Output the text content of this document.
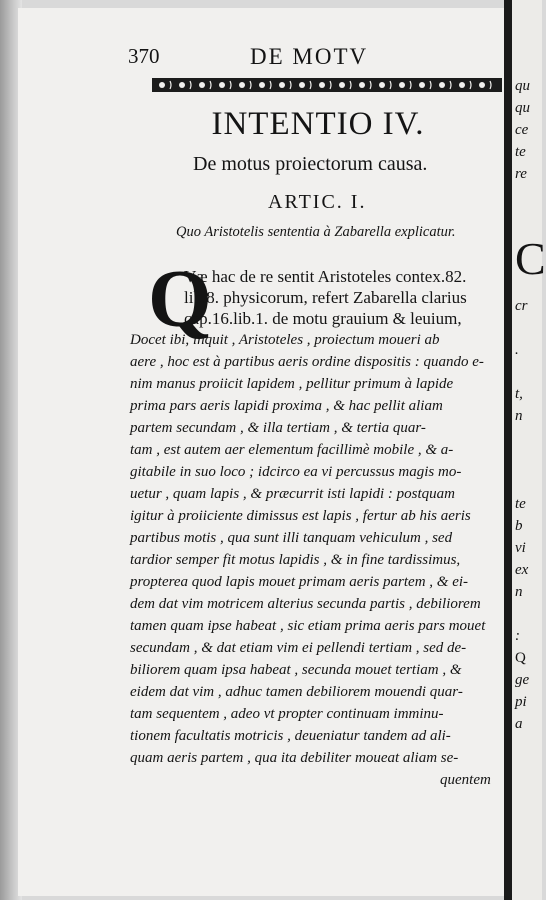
370	DE MOTV
INTENTIO IV.
De motus proiectorum causa.
ARTIC. I.
Quo Aristotelis sententia à Zabarella explicatur.
Q
Væ hac de re sentit Aristoteles contex.82.
lib.8. physicorum, refert Zabarella clarius
cap.16.lib.1. de motu grauium & leuium,
Docet ibi, inquit , Aristoteles , proiectum moueri ab
aere , hoc est à partibus aeris ordine dispositis : quando e-
nim manus proiicit lapidem , pellitur primum à lapide
prima pars aeris lapidi proxima , & hac pellit aliam
partem secundam , & illa tertiam , & tertia quar-
tam , est autem aer elementum facillimè mobile , & a-
gitabile in suo loco ; idcirco ea vi percussus magis mo-
uetur , quam lapis , & præcurrit isti lapidi : postquam
igitur à proiiciente dimissus est lapis , fertur ab his aeris
partibus motis , qua sunt illi tanquam vehiculum , sed
tardior semper fit motus lapidis , & in fine tardissimus,
propterea quod lapis mouet primam aeris partem , & ei-
dem dat vim motricem alterius secunda partis , debiliorem
tamen quam ipse habeat , sic etiam prima aeris pars mouet
secundam , & dat etiam vim ei pellendi tertiam , sed de-
biliorem quam ipsa habeat , secunda mouet tertiam , &
eidem dat vim , adhuc tamen debiliorem mouendi quar-
tam sequentem , adeo vt propter continuam imminu-
tionem facultatis motricis , deueniatur tandem ad ali-
quam aeris partem , qua ita debiliter moueat aliam se-
quentem
qu
qu
ce
te
re
C
cr
.
t,
n
te
b
vi
ex
n
:
Q
ge
pi
a
